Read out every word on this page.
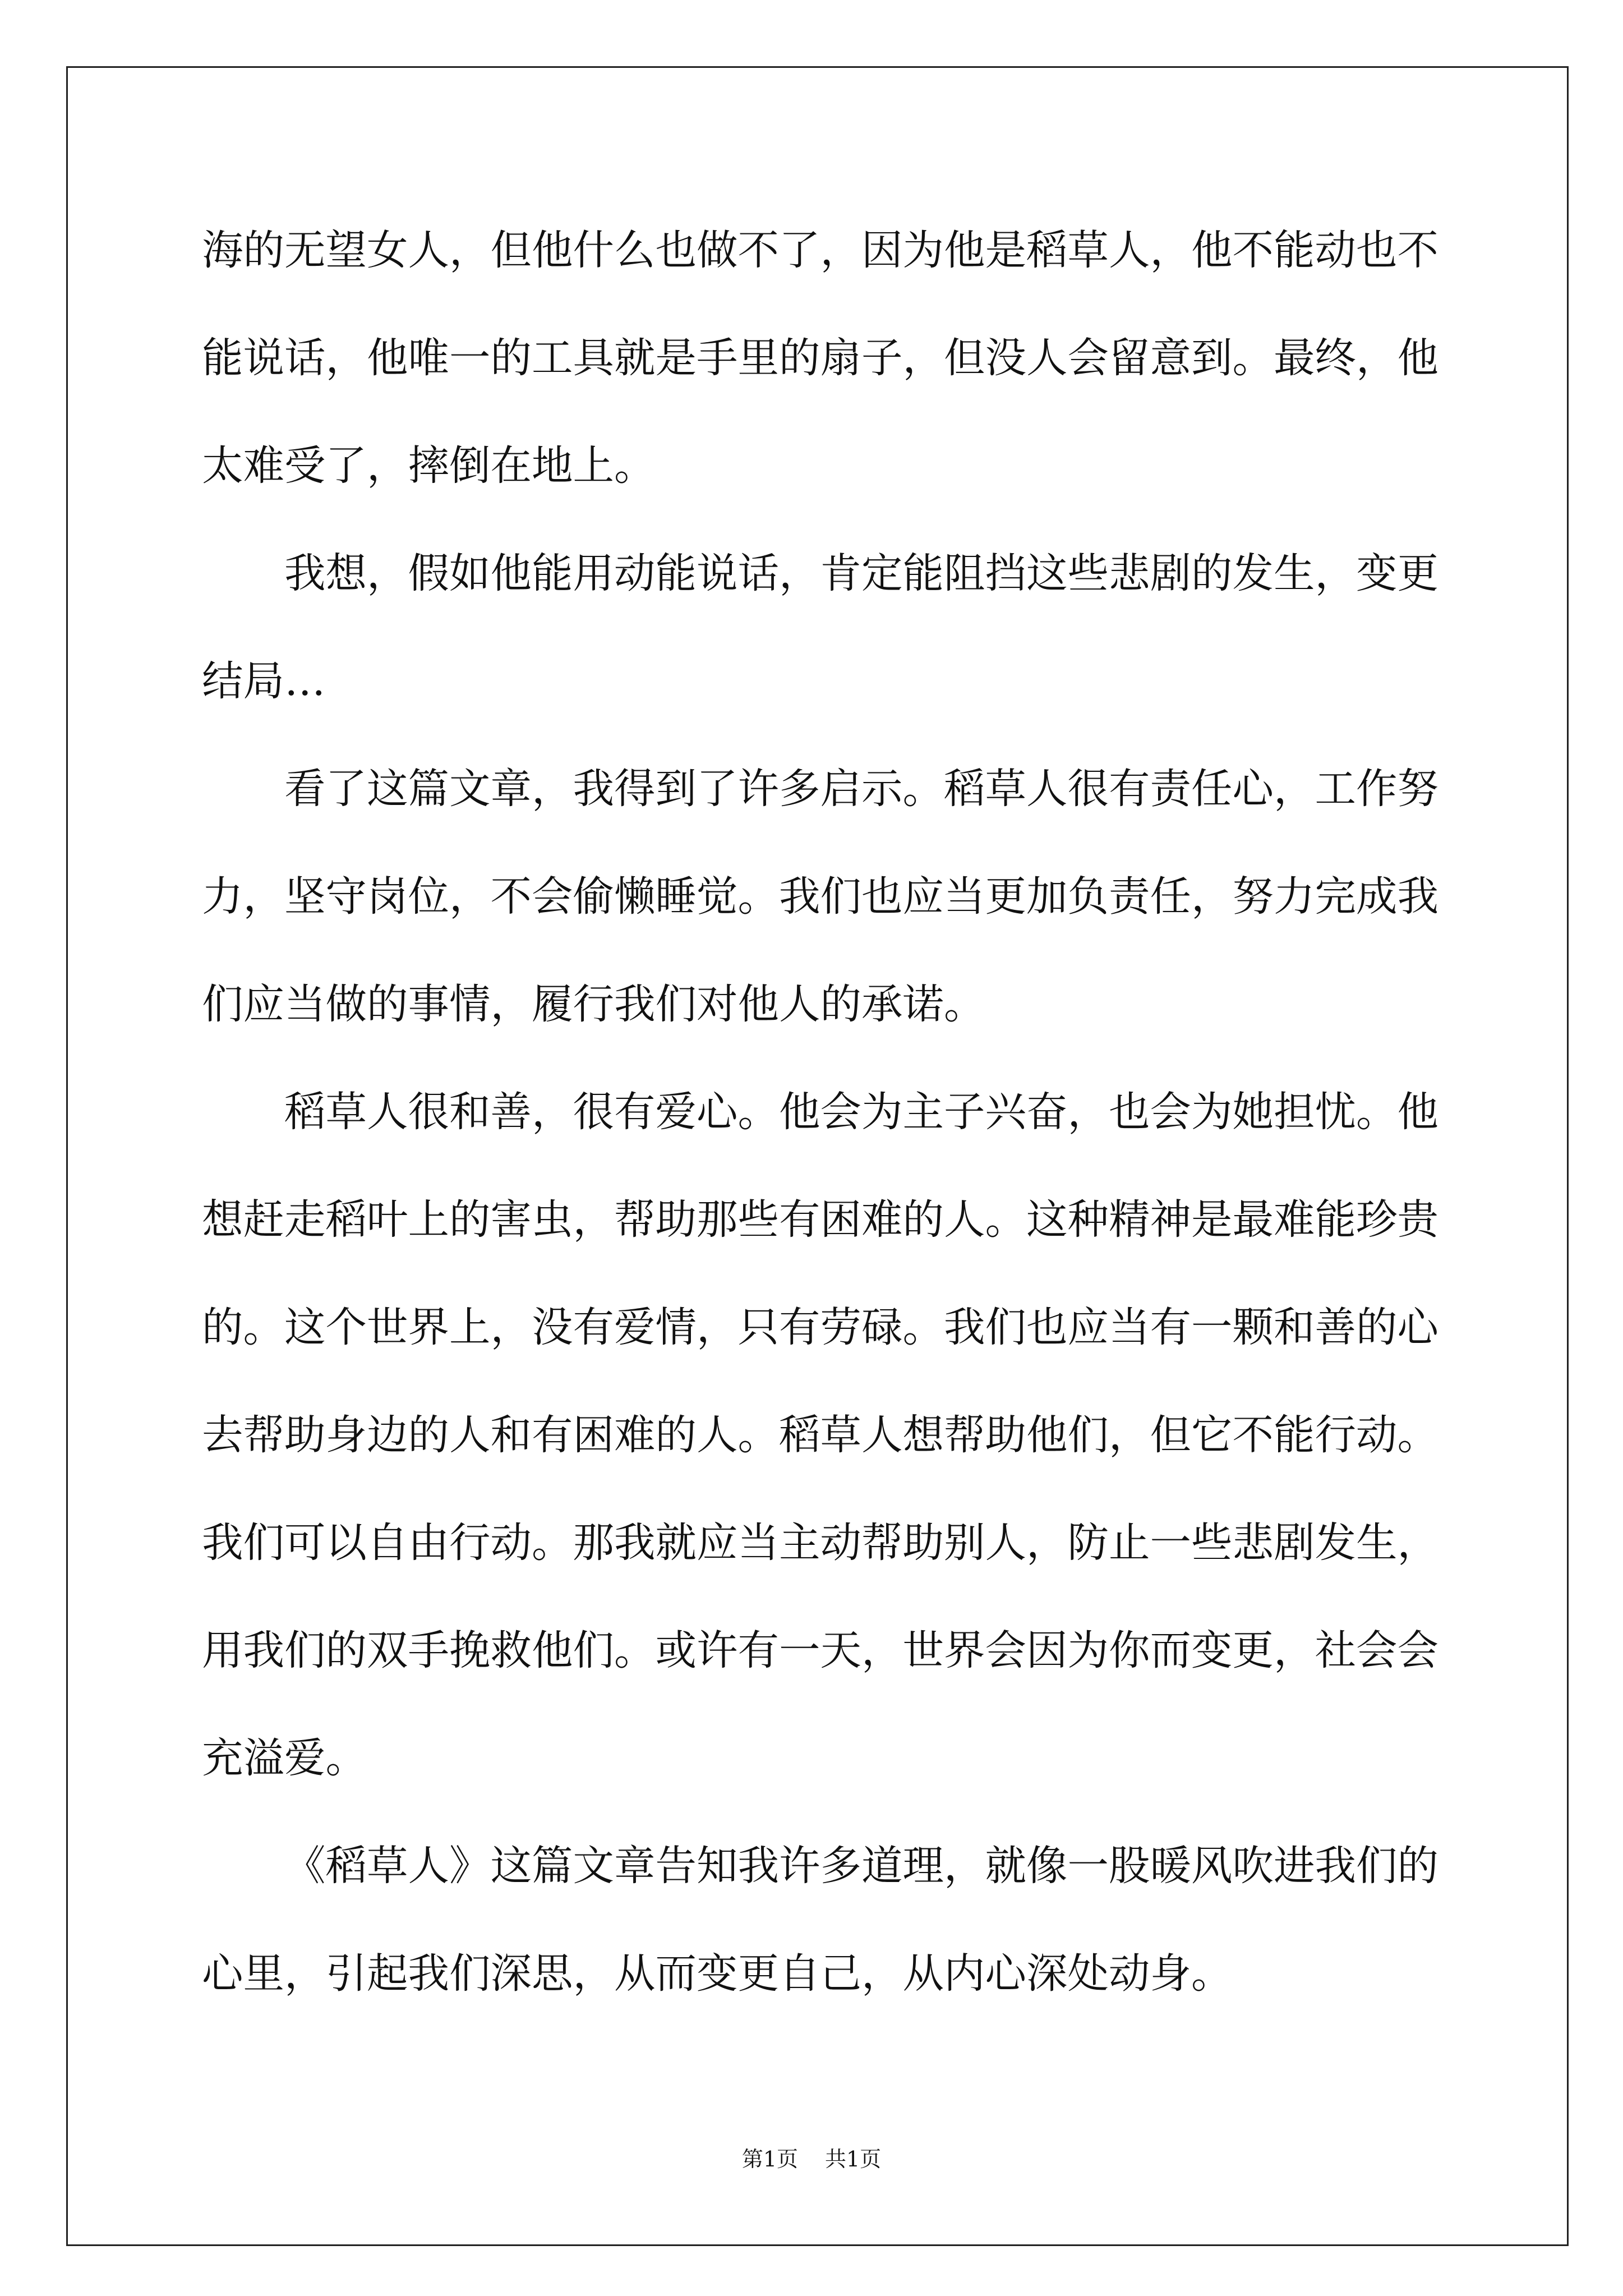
海的无望女人，但他什么也做不了，因为他是稻草人，他不能动也不
能说话，他唯一的工具就是手里的扇子，但没人会留意到。最终，他
太难受了，摔倒在地上。
我想，假如他能用动能说话，肯定能阻挡这些悲剧的发生，变更
结局…
看了这篇文章，我得到了许多启示。稻草人很有责任心，工作努
力，坚守岗位，不会偷懒睡觉。我们也应当更加负责任，努力完成我
们应当做的事情，履行我们对他人的承诺。
稻草人很和善，很有爱心。他会为主子兴奋，也会为她担忧。他
想赶走稻叶上的害虫，帮助那些有困难的人。这种精神是最难能珍贵
的。这个世界上，没有爱情，只有劳碌。我们也应当有一颗和善的心
去帮助身边的人和有困难的人。稻草人想帮助他们，但它不能行动。
我们可以自由行动。那我就应当主动帮助别人，防止一些悲剧发生，
用我们的双手挽救他们。或许有一天，世界会因为你而变更，社会会
充溢爱。
《稻草人》这篇文章告知我许多道理，就像一股暖风吹进我们的
心里，引起我们深思，从而变更自己，从内心深处动身。
第1页 共1页
